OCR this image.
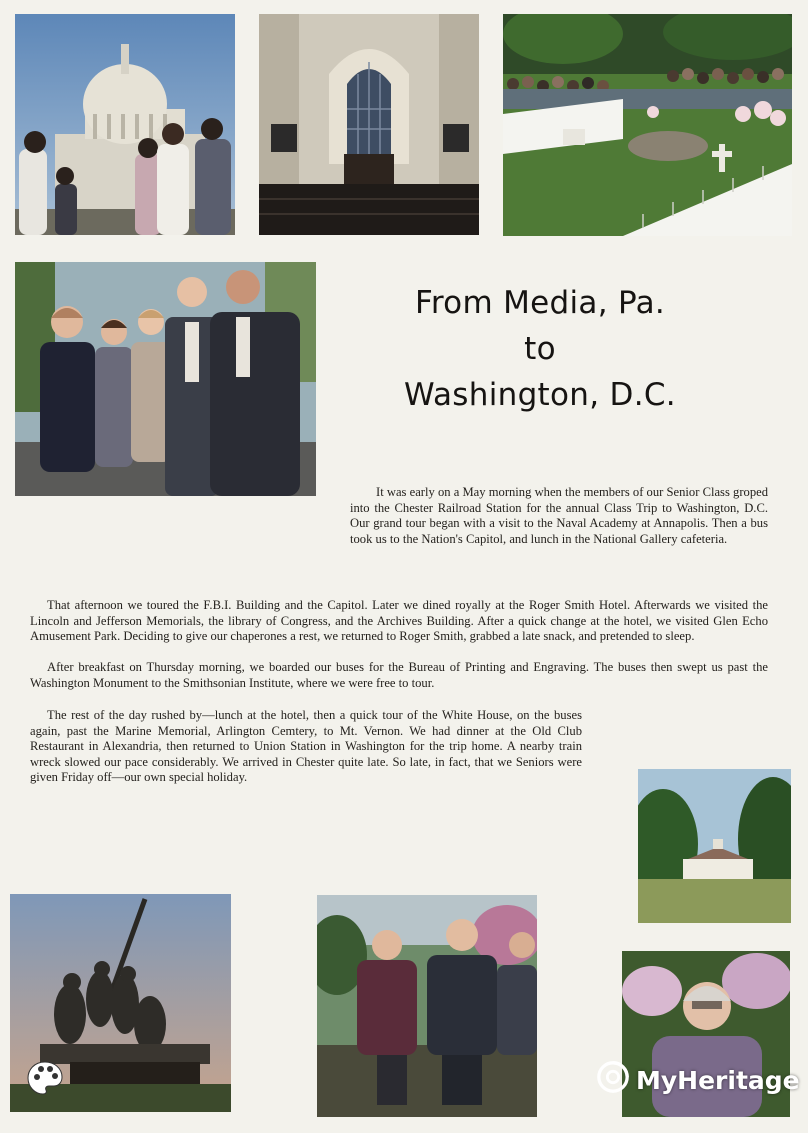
From Media, Pa.
to
Washington, D.C.

It was early on a May morning when the members of our Senior Class groped into the Chester Railroad Station for the annual Class Trip to Washington, D.C. Our grand tour began with a visit to the Naval Academy at Annapolis. Then a bus took us to the Nation's Capitol, and lunch in the National Gallery cafeteria.

That afternoon we toured the F.B.I. Building and the Capitol. Later we dined royally at the Roger Smith Hotel. Afterwards we visited the Lincoln and Jefferson Memorials, the library of Congress, and the Archives Building. After a quick change at the hotel, we visited Glen Echo Amusement Park. Deciding to give our chaperones a rest, we returned to Roger Smith, grabbed a late snack, and pretended to sleep.

After breakfast on Thursday morning, we boarded our buses for the Bureau of Printing and Engraving. The buses then swept us past the Washington Monument to the Smithsonian Institute, where we were free to tour.

The rest of the day rushed by—lunch at the hotel, then a quick tour of the White House, on the buses again, past the Marine Memorial, Arlington Cemtery, to Mt. Vernon. We had dinner at the Old Club Restaurant in Alexandria, then returned to Union Station in Washington for the trip home. A nearby train wreck slowed our pace considerably. We arrived in Chester quite late. So late, in fact, that we Seniors were given Friday off—our own special holiday.

MyHeritage
